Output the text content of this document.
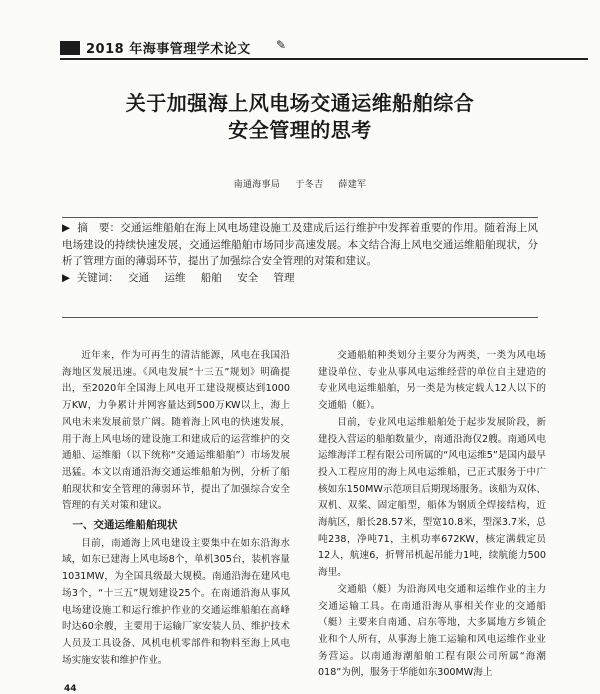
2018 年海事管理学术论文 ✎
关于加强海上风电场交通运维船舶综合
安全管理的思考
南通海事局 于冬吉 薛建军
▶  摘　要：交通运维船舶在海上风电场建设施工及建成后运行维护中发挥着重要的作用。随着海上风电场建设的持续快速发展，交通运维船舶市场同步高速发展。本文结合海上风电交通运维船舶现状，分析了管理方面的薄弱环节，提出了加强综合安全管理的对策和建议。
▶  关键词： 交通 运维 船舶 安全 管理

近年来，作为可再生的清洁能源，风电在我国沿海地区发展迅速。《风电发展“十三五”规划》明确提出，至2020年全国海上风电开工建设规模达到1000万KW，力争累计并网容量达到500万KW以上，海上风电未来发展前景广阔。随着海上风电的快速发展，用于海上风电场的建设施工和建成后的运营维护的交通船、运维船（以下统称“交通运维船舶”）市场发展迅猛。本文以南通沿海交通运维船舶为例，分析了船舶现状和安全管理的薄弱环节，提出了加强综合安全管理的有关对策和建议。

一、交通运维船舶现状

目前，南通海上风电建设主要集中在如东沿海水域，如东已建海上风电场8个，单机305台，装机容量1031MW，为全国具级最大规模。南通沿海在建风电场3个，“十三五”规划建设25个。在南通沿海从事风电场建设施工和运行维护作业的交通运维船舶在高峰时达60余艘，主要用于运输厂家安装人员、维护技术人员及工具设备、风机电机零部件和物料至海上风电场实施安装和维护作业。

交通船舶种类划分主要分为两类，一类为风电场建设单位、专业从事风电运维经营的单位自主建造的专业风电运维船舶，另一类是为核定载人12人以下的交通船（艇）。

目前，专业风电运维船舶处于起步发展阶段，新建投入营运的船舶数量少，南通沿海仅2艘。南通风电运维海洋工程有限公司所属的“风电运维5”是国内最早投入工程应用的海上风电运维船，已正式服务于中广核如东150MW示范项目后期现场服务。该船为双体、双机、双桨、固定船型，船体为钢质全焊接结构，近海航区，船长28.57米，型宽10.8米，型深3.7米，总吨238，净吨71，主机功率672KW，核定满载定员12人，航速6，折臂吊机起吊能力1吨，续航能力500海里。

交通船（艇）为沿海风电交通和运维作业的主力交通运输工具。在南通沿海从事相关作业的交通船（艇）主要来自南通、启东等地，大多属地方乡镇企业和个人所有，从事海上施工运输和风电运维作业业务营运。以南通海潮船舶工程有限公司所属“海潮018”为例，服务于华能如东300MW海上

44
